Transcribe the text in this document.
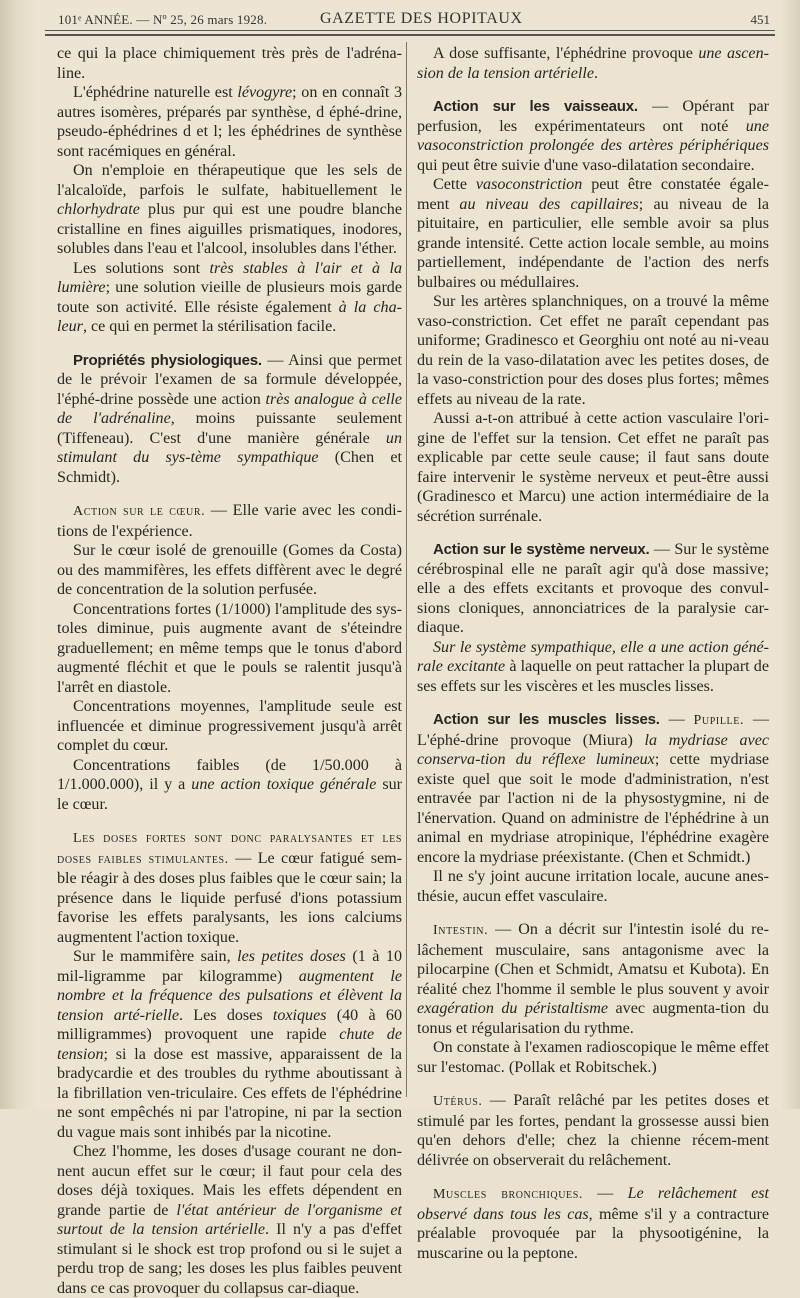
101ᵉ ANNÉE. — Nº 25, 26 mars 1928.	GAZETTE DES HOPITAUX	451

ce qui la place chimiquement très près de l'adréna-line.

L'éphédrine naturelle est lévogyre; on en connaît 3 autres isomères, préparés par synthèse, d éphé-drine, pseudo-éphédrines d et l; les éphédrines de synthèse sont racémiques en général.

On n'emploie en thérapeutique que les sels de l'alcaloïde, parfois le sulfate, habituellement le chlorhydrate plus pur qui est une poudre blanche cristalline en fines aiguilles prismatiques, inodores, solubles dans l'eau et l'alcool, insolubles dans l'éther.

Les solutions sont très stables à l'air et à la lumière; une solution vieille de plusieurs mois garde toute son activité. Elle résiste également à la cha-leur, ce qui en permet la stérilisation facile.

Propriétés physiologiques. — Ainsi que permet de le prévoir l'examen de sa formule développée, l'éphé-drine possède une action très analogue à celle de l'adrénaline, moins puissante seulement (Tiffeneau). C'est d'une manière générale un stimulant du sys-tème sympathique (Chen et Schmidt).

Action sur le cœur. — Elle varie avec les condi-tions de l'expérience.

Sur le cœur isolé de grenouille (Gomes da Costa) ou des mammifères, les effets diffèrent avec le degré de concentration de la solution perfusée.

Concentrations fortes (1/1000) l'amplitude des sys-toles diminue, puis augmente avant de s'éteindre graduellement; en même temps que le tonus d'abord augmenté fléchit et que le pouls se ralentit jusqu'à l'arrêt en diastole.

Concentrations moyennes, l'amplitude seule est influencée et diminue progressivement jusqu'à arrêt complet du cœur.

Concentrations faibles (de 1/50.000 à 1/1.000.000), il y a une action toxique générale sur le cœur.

Les doses fortes sont donc paralysantes et les doses faibles stimulantes. — Le cœur fatigué sem-ble réagir à des doses plus faibles que le cœur sain; la présence dans le liquide perfusé d'ions potassium favorise les effets paralysants, les ions calciums augmentent l'action toxique.

Sur le mammifère sain, les petites doses (1 à 10 mil-ligramme par kilogramme) augmentent le nombre et la fréquence des pulsations et élèvent la tension arté-rielle. Les doses toxiques (40 à 60 milligrammes) provoquent une rapide chute de tension; si la dose est massive, apparaissent de la bradycardie et des troubles du rythme aboutissant à la fibrillation ven-triculaire. Ces effets de l'éphédrine ne sont empêchés ni par l'atropine, ni par la section du vague mais sont inhibés par la nicotine.

Chez l'homme, les doses d'usage courant ne don-nent aucun effet sur le cœur; il faut pour cela des doses déjà toxiques. Mais les effets dépendent en grande partie de l'état antérieur de l'organisme et surtout de la tension artérielle. Il n'y a pas d'effet stimulant si le shock est trop profond ou si le sujet a perdu trop de sang; les doses les plus faibles peuvent dans ce cas provoquer du collapsus car-diaque.

A dose suffisante, l'éphédrine provoque une ascen-sion de la tension artérielle.

Action sur les vaisseaux. — Opérant par perfusion, les expérimentateurs ont noté une vasoconstriction prolongée des artères périphériques qui peut être suivie d'une vaso-dilatation secondaire.

Cette vasoconstriction peut être constatée égale-ment au niveau des capillaires; au niveau de la pituitaire, en particulier, elle semble avoir sa plus grande intensité. Cette action locale semble, au moins partiellement, indépendante de l'action des nerfs bulbaires ou médullaires.

Sur les artères splanchniques, on a trouvé la même vaso-constriction. Cet effet ne paraît cependant pas uniforme; Gradinesco et Georghiu ont noté au ni-veau du rein de la vaso-dilatation avec les petites doses, de la vaso-constriction pour des doses plus fortes; mêmes effets au niveau de la rate.

Aussi a-t-on attribué à cette action vasculaire l'ori-gine de l'effet sur la tension. Cet effet ne paraît pas explicable par cette seule cause; il faut sans doute faire intervenir le système nerveux et peut-être aussi (Gradinesco et Marcu) une action intermédiaire de la sécrétion surrénale.

Action sur le système nerveux. — Sur le système cérébrospinal elle ne paraît agir qu'à dose massive; elle a des effets excitants et provoque des convul-sions cloniques, annonciatrices de la paralysie car-diaque.

Sur le système sympathique, elle a une action géné-rale excitante à laquelle on peut rattacher la plupart de ses effets sur les viscères et les muscles lisses.

Action sur les muscles lisses. — Pupille. — L'éphé-drine provoque (Miura) la mydriase avec conserva-tion du réflexe lumineux; cette mydriase existe quel que soit le mode d'administration, n'est entravée par l'action ni de la physostygmine, ni de l'énervation. Quand on administre de l'éphédrine à un animal en mydriase atropinique, l'éphédrine exagère encore la mydriase préexistante. (Chen et Schmidt.)

Il ne s'y joint aucune irritation locale, aucune anes-thésie, aucun effet vasculaire.

Intestin. — On a décrit sur l'intestin isolé du re-lâchement musculaire, sans antagonisme avec la pilocarpine (Chen et Schmidt, Amatsu et Kubota). En réalité chez l'homme il semble le plus souvent y avoir exagération du péristaltisme avec augmenta-tion du tonus et régularisation du rythme.

On constate à l'examen radioscopique le même effet sur l'estomac. (Pollak et Robitschek.)

Utérus. — Paraît relâché par les petites doses et stimulé par les fortes, pendant la grossesse aussi bien qu'en dehors d'elle; chez la chienne récem-ment délivrée on observerait du relâchement.

Muscles bronchiques. — Le relâchement est observé dans tous les cas, même s'il y a contracture préalable provoquée par la physootigénine, la muscarine ou la peptone.
